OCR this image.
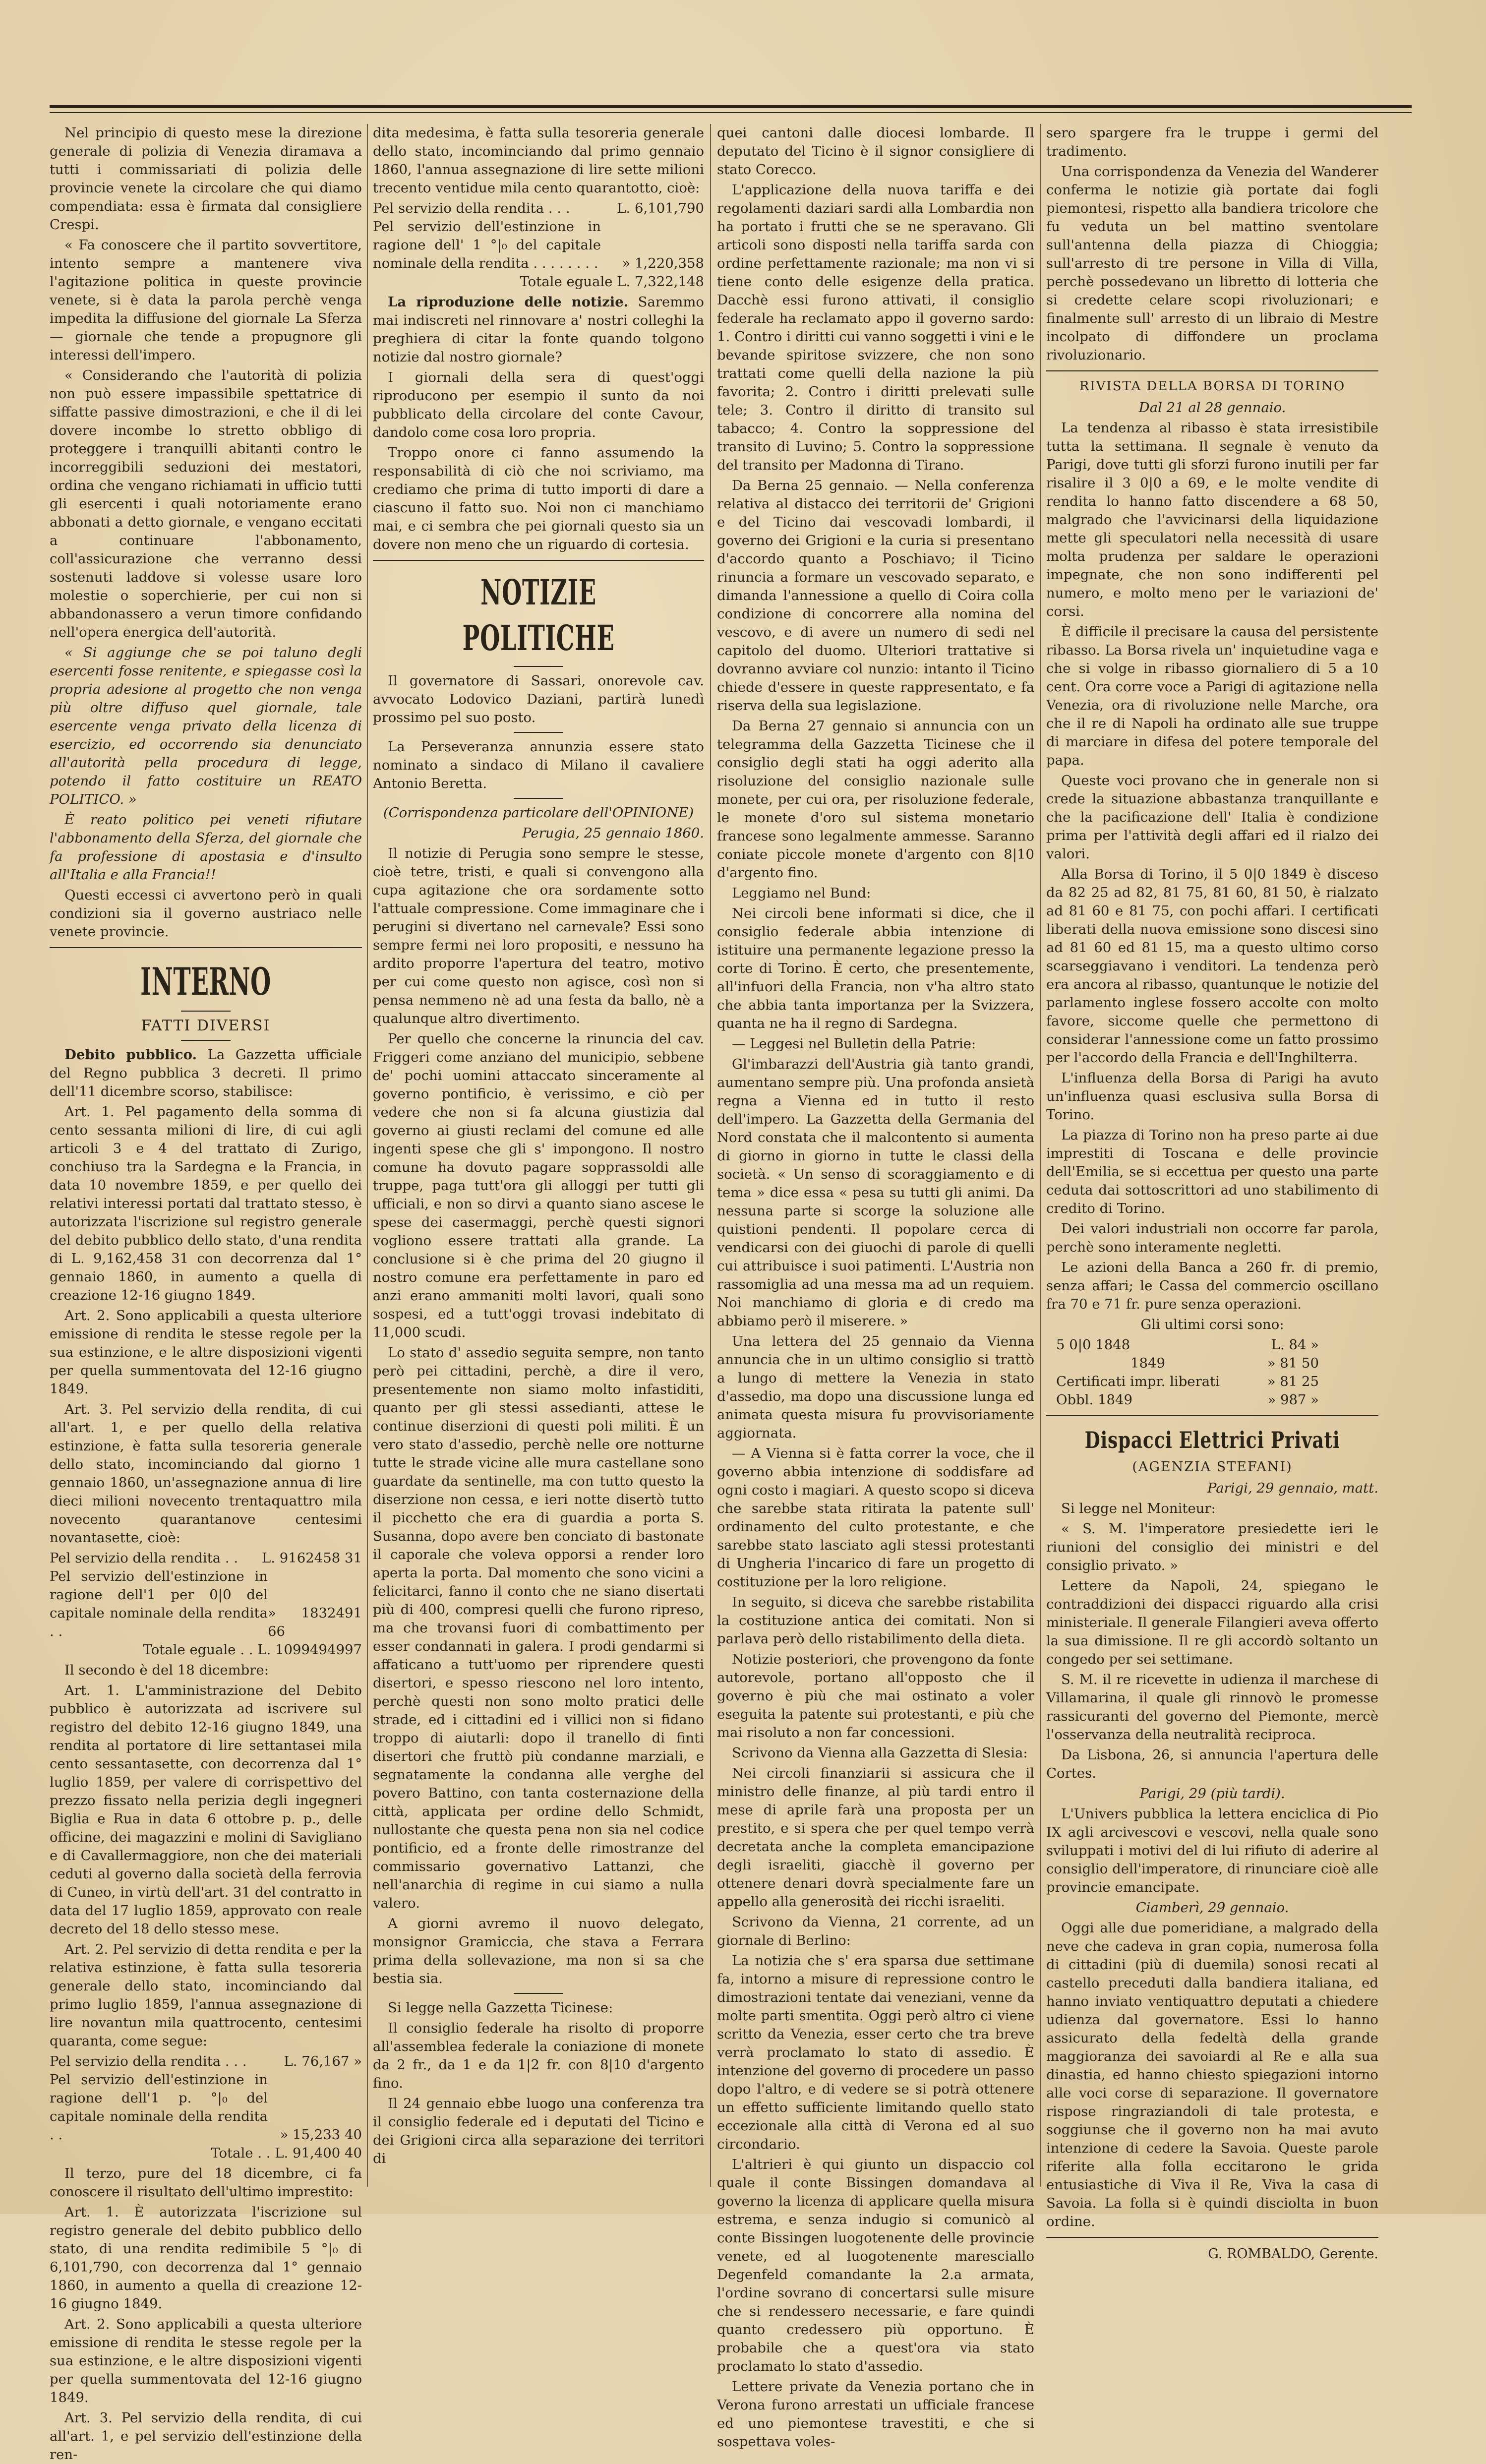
Nel principio di questo mese la direzione generale di polizia di Venezia diramava a tutti i commissariati di polizia delle provincie venete la circolare che qui diamo compendiata: essa è firmata dal consigliere Crespi.

« Fa conoscere che il partito sovvertitore, intento sempre a mantenere viva l'agitazione politica in queste provincie venete, si è data la parola perchè venga impedita la diffusione del giornale La Sferza — giornale che tende a propugnore gli interessi dell'impero.

« Considerando che l'autorità di polizia non può essere impassibile spettatrice di siffatte passive dimostrazioni, e che il di lei dovere incombe lo stretto obbligo di proteggere i tranquilli abitanti contro le incorreggibili seduzioni dei mestatori, ordina che vengano richiamati in ufficio tutti gli esercenti i quali notoriamente erano abbonati a detto giornale, e vengano eccitati a continuare l'abbonamento, coll'assicurazione che verranno dessi sostenuti laddove si volesse usare loro molestie o soperchierie, per cui non si abbandonassero a verun timore confidando nell'opera energica dell'autorità.

« Si aggiunge che se poi taluno degli esercenti fosse renitente, e spiegasse così la propria adesione al progetto che non venga più oltre diffuso quel giornale, tale esercente venga privato della licenza di esercizio, ed occorrendo sia denunciato all'autorità pella procedura di legge, potendo il fatto costituire un REATO POLITICO. »

È reato politico pei veneti rifiutare l'abbonamento della Sferza, del giornale che fa professione di apostasia e d'insulto all'Italia e alla Francia!!

Questi eccessi ci avvertono però in quali condizioni sia il governo austriaco nelle venete provincie.

INTERNO
FATTI DIVERSI

Debito pubblico. La Gazzetta ufficiale del Regno pubblica 3 decreti. Il primo dell'11 dicembre scorso, stabilisce:

Art. 1. Pel pagamento della somma di cento sessanta milioni di lire, di cui agli articoli 3 e 4 del trattato di Zurigo, conchiuso tra la Sardegna e la Francia, in data 10 novembre 1859, e per quello dei relativi interessi portati dal trattato stesso, è autorizzata l'iscrizione sul registro generale del debito pubblico dello stato, d'una rendita di L. 9,162,458 31 con decorrenza dal 1° gennaio 1860, in aumento a quella di creazione 12-16 giugno 1849.

Art. 2. Sono applicabili a questa ulteriore emissione di rendita le stesse regole per la sua estinzione, e le altre disposizioni vigenti per quella summentovata del 12-16 giugno 1849.

Art. 3. Pel servizio della rendita, di cui all'art. 1, e per quello della relativa estinzione, è fatta sulla tesoreria generale dello stato, incominciando dal giorno 1 gennaio 1860, un'assegnazione annua di lire dieci milioni novecento trentaquattro mila novecento quarantanove centesimi novantasette, cioè:

Pel servizio della rendita . . L. 9162458 31
Pel servizio dell'estinzione in ragione dell'1 per 0|0 del capitale nominale della rendita . .
» 1832491 66

Totale eguale . . L. 1099494997

Il secondo è del 18 dicembre:

Art. 1. L'amministrazione del Debito pubblico è autorizzata ad iscrivere sul registro del debito 12-16 giugno 1849, una rendita al portatore di lire settantasei mila cento sessantasette, con decorrenza dal 1° luglio 1859, per valere di corrispettivo del prezzo fissato nella perizia degli ingegneri Biglia e Rua in data 6 ottobre p. p., delle officine, dei magazzini e molini di Savigliano e di Cavallermaggiore, non che dei materiali ceduti al governo dalla società della ferrovia di Cuneo, in virtù dell'art. 31 del contratto in data del 17 luglio 1859, approvato con reale decreto del 18 dello stesso mese.

Art. 2. Pel servizio di detta rendita e per la relativa estinzione, è fatta sulla tesoreria generale dello stato, incominciando dal primo luglio 1859, l'annua assegnazione di lire novantun mila quattrocento, centesimi quaranta, come segue:

Pel servizio della rendita . . .	L. 76,167 »
Pel servizio dell'estinzione in ragione dell'1 p. °|₀ del capitale nominale della rendita . .	» 15,233 40

Totale . . L. 91,400 40

Il terzo, pure del 18 dicembre, ci fa conoscere il risultato dell'ultimo imprestito:

Art. 1. È autorizzata l'iscrizione sul registro generale del debito pubblico dello stato, di una rendita redimibile 5 °|₀ di 6,101,790, con decorrenza dal 1° gennaio 1860, in aumento a quella di creazione 12-16 giugno 1849.

Art. 2. Sono applicabili a questa ulteriore emissione di rendita le stesse regole per la sua estinzione, e le altre disposizioni vigenti per quella summentovata del 12-16 giugno 1849.

Art. 3. Pel servizio della rendita, di cui all'art. 1, e pel servizio dell'estinzione della ren-

dita medesima, è fatta sulla tesoreria generale dello stato, incominciando dal primo gennaio 1860, l'annua assegnazione di lire sette milioni trecento ventidue mila cento quarantotto, cioè:

Pel servizio della rendita . . .	L. 6,101,790
Pel servizio dell'estinzione in ragione dell' 1 °|₀ del capitale nominale della rendita . . . . . . . . » 1,220,358

Totale eguale L. 7,322,148

La riproduzione delle notizie. Saremmo mai indiscreti nel rinnovare a' nostri colleghi la preghiera di citar la fonte quando tolgono notizie dal nostro giornale?

I giornali della sera di quest'oggi riproducono per esempio il sunto da noi pubblicato della circolare del conte Cavour, dandolo come cosa loro propria.

Troppo onore ci fanno assumendo la responsabilità di ciò che noi scriviamo, ma crediamo che prima di tutto importi di dare a ciascuno il fatto suo. Noi non ci manchiamo mai, e ci sembra che pei giornali questo sia un dovere non meno che un riguardo di cortesia.

NOTIZIE POLITICHE

Il governatore di Sassari, onorevole cav. avvocato Lodovico Daziani, partirà lunedì prossimo pel suo posto.

La Perseveranza annunzia essere stato nominato a sindaco di Milano il cavaliere Antonio Beretta.

(Corrispondenza particolare dell'OPINIONE)

Perugia, 25 gennaio 1860.

Il notizie di Perugia sono sempre le stesse, cioè tetre, tristi, e quali si convengono alla cupa agitazione che ora sordamente sotto l'attuale compressione. Come immaginare che i perugini si divertano nel carnevale? Essi sono sempre fermi nei loro propositi, e nessuno ha ardito proporre l'apertura del teatro, motivo per cui come questo non agisce, così non si pensa nemmeno nè ad una festa da ballo, nè a qualunque altro divertimento.

Per quello che concerne la rinuncia del cav. Friggeri come anziano del municipio, sebbene de' pochi uomini attaccato sinceramente al governo pontificio, è verissimo, e ciò per vedere che non si fa alcuna giustizia dal governo ai giusti reclami del comune ed alle ingenti spese che gli s' impongono. Il nostro comune ha dovuto pagare sopprassoldi alle truppe, paga tutt'ora gli alloggi per tutti gli ufficiali, e non so dirvi a quanto siano ascese le spese dei casermaggi, perchè questi signori vogliono essere trattati alla grande. La conclusione si è che prima del 20 giugno il nostro comune era perfettamente in paro ed anzi erano ammaniti molti lavori, quali sono sospesi, ed a tutt'oggi trovasi indebitato di 11,000 scudi.

Lo stato d' assedio seguita sempre, non tanto però pei cittadini, perchè, a dire il vero, presentemente non siamo molto infastiditi, quanto per gli stessi assedianti, attese le continue diserzioni di questi poli militi. È un vero stato d'assedio, perchè nelle ore notturne tutte le strade vicine alle mura castellane sono guardate da sentinelle, ma con tutto questo la diserzione non cessa, e ieri notte disertò tutto il picchetto che era di guardia a porta S. Susanna, dopo avere ben conciato di bastonate il caporale che voleva opporsi a render loro aperta la porta. Dal momento che sono vicini a felicitarci, fanno il conto che ne siano disertati più di 400, compresi quelli che furono ripreso, ma che trovansi fuori di combattimento per esser condannati in galera. I prodi gendarmi si affaticano a tutt'uomo per riprendere questi disertori, e spesso riescono nel loro intento, perchè questi non sono molto pratici delle strade, ed i cittadini ed i villici non si fidano troppo di aiutarli: dopo il tranello di finti disertori che fruttò più condanne marziali, e segnatamente la condanna alle verghe del povero Battino, con tanta costernazione della città, applicata per ordine dello Schmidt, nullostante che questa pena non sia nel codice pontificio, ed a fronte delle rimostranze del commissario governativo Lattanzi, che nell'anarchia di regime in cui siamo a nulla valero.

A giorni avremo il nuovo delegato, monsignor Gramiccia, che stava a Ferrara prima della sollevazione, ma non si sa che bestia sia.

Si legge nella Gazzetta Ticinese:

Il consiglio federale ha risolto di proporre all'assemblea federale la coniazione di monete da 2 fr., da 1 e da 1|2 fr. con 8|10 d'argento fino.

Il 24 gennaio ebbe luogo una conferenza tra il consiglio federale ed i deputati del Ticino e dei Grigioni circa alla separazione dei territori di

quei cantoni dalle diocesi lombarde. Il deputato del Ticino è il signor consigliere di stato Corecco.

L'applicazione della nuova tariffa e dei regolamenti daziari sardi alla Lombardia non ha portato i frutti che se ne speravano. Gli articoli sono disposti nella tariffa sarda con ordine perfettamente razionale; ma non vi si tiene conto delle esigenze della pratica. Dacchè essi furono attivati, il consiglio federale ha reclamato appo il governo sardo: 1. Contro i diritti cui vanno soggetti i vini e le bevande spiritose svizzere, che non sono trattati come quelli della nazione la più favorita; 2. Contro i diritti prelevati sulle tele; 3. Contro il diritto di transito sul tabacco; 4. Contro la soppressione del transito di Luvino; 5. Contro la soppressione del transito per Madonna di Tirano.

Da Berna 25 gennaio. — Nella conferenza relativa al distacco dei territorii de' Grigioni e del Ticino dai vescovadi lombardi, il governo dei Grigioni e la curia si presentano d'accordo quanto a Poschiavo; il Ticino rinuncia a formare un vescovado separato, e dimanda l'annessione a quello di Coira colla condizione di concorrere alla nomina del vescovo, e di avere un numero di sedi nel capitolo del duomo. Ulteriori trattative si dovranno avviare col nunzio: intanto il Ticino chiede d'essere in queste rappresentato, e fa riserva della sua legislazione.

Da Berna 27 gennaio si annuncia con un telegramma della Gazzetta Ticinese che il consiglio degli stati ha oggi aderito alla risoluzione del consiglio nazionale sulle monete, per cui ora, per risoluzione federale, le monete d'oro sul sistema monetario francese sono legalmente ammesse. Saranno coniate piccole monete d'argento con 8|10 d'argento fino.

Leggiamo nel Bund:

Nei circoli bene informati si dice, che il consiglio federale abbia intenzione di istituire una permanente legazione presso la corte di Torino. È certo, che presentemente, all'infuori della Francia, non v'ha altro stato che abbia tanta importanza per la Svizzera, quanta ne ha il regno di Sardegna.

— Leggesi nel Bulletin della Patrie:

Gl'imbarazzi dell'Austria già tanto grandi, aumentano sempre più. Una profonda ansietà regna a Vienna ed in tutto il resto dell'impero. La Gazzetta della Germania del Nord constata che il malcontento si aumenta di giorno in giorno in tutte le classi della società. « Un senso di scoraggiamento e di tema » dice essa « pesa su tutti gli animi. Da nessuna parte si scorge la soluzione alle quistioni pendenti. Il popolare cerca di vendicarsi con dei giuochi di parole di quelli cui attribuisce i suoi patimenti. L'Austria non rassomiglia ad una messa ma ad un requiem. Noi manchiamo di gloria e di credo ma abbiamo però il miserere. »

Una lettera del 25 gennaio da Vienna annuncia che in un ultimo consiglio si trattò a lungo di mettere la Venezia in stato d'assedio, ma dopo una discussione lunga ed animata questa misura fu provvisoriamente aggiornata.

— A Vienna si è fatta correr la voce, che il governo abbia intenzione di soddisfare ad ogni costo i magiari. A questo scopo si diceva che sarebbe stata ritirata la patente sull' ordinamento del culto protestante, e che sarebbe stato lasciato agli stessi protestanti di Ungheria l'incarico di fare un progetto di costituzione per la loro religione.

In seguito, si diceva che sarebbe ristabilita la costituzione antica dei comitati. Non si parlava però dello ristabilimento della dieta.

Notizie posteriori, che provengono da fonte autorevole, portano all'opposto che il governo è più che mai ostinato a voler eseguita la patente sui protestanti, e più che mai risoluto a non far concessioni.

Scrivono da Vienna alla Gazzetta di Slesia:

Nei circoli finanziarii si assicura che il ministro delle finanze, al più tardi entro il mese di aprile farà una proposta per un prestito, e si spera che per quel tempo verrà decretata anche la completa emancipazione degli israeliti, giacchè il governo per ottenere denari dovrà specialmente fare un appello alla generosità dei ricchi israeliti.

Scrivono da Vienna, 21 corrente, ad un giornale di Berlino:

La notizia che s' era sparsa due settimane fa, intorno a misure di repressione contro le dimostrazioni tentate dai veneziani, venne da molte parti smentita. Oggi però altro ci viene scritto da Venezia, esser certo che tra breve verrà proclamato lo stato di assedio. È intenzione del governo di procedere un passo dopo l'altro, e di vedere se si potrà ottenere un effetto sufficiente limitando quello stato eccezionale alla città di Verona ed al suo circondario.

L'altrieri è qui giunto un dispaccio col quale il conte Bissingen domandava al governo la licenza di applicare quella misura estrema, e senza indugio si comunicò al conte Bissingen luogotenente delle provincie venete, ed al luogotenente maresciallo Degenfeld comandante la 2.a armata, l'ordine sovrano di concertarsi sulle misure che si rendessero necessarie, e fare quindi quanto credessero più opportuno. È probabile che a quest'ora via stato proclamato lo stato d'assedio.

Lettere private da Venezia portano che in Verona furono arrestati un ufficiale francese ed uno piemontese travestiti, e che si sospettava voles-

sero spargere fra le truppe i germi del tradimento.

Una corrispondenza da Venezia del Wanderer conferma le notizie già portate dai fogli piemontesi, rispetto alla bandiera tricolore che fu veduta un bel mattino sventolare sull'antenna della piazza di Chioggia; sull'arresto di tre persone in Villa di Villa, perchè possedevano un libretto di lotteria che si credette celare scopi rivoluzionari; e finalmente sull' arresto di un libraio di Mestre incolpato di diffondere un proclama rivoluzionario.

RIVISTA DELLA BORSA DI TORINO

Dal 21 al 28 gennaio.

La tendenza al ribasso è stata irresistibile tutta la settimana. Il segnale è venuto da Parigi, dove tutti gli sforzi furono inutili per far risalire il 3 0|0 a 69, e le molte vendite di rendita lo hanno fatto discendere a 68 50, malgrado che l'avvicinarsi della liquidazione mette gli speculatori nella necessità di usare molta prudenza per saldare le operazioni impegnate, che non sono indifferenti pel numero, e molto meno per le variazioni de' corsi.

È difficile il precisare la causa del persistente ribasso. La Borsa rivela un' inquietudine vaga e che si volge in ribasso giornaliero di 5 a 10 cent. Ora corre voce a Parigi di agitazione nella Venezia, ora di rivoluzione nelle Marche, ora che il re di Napoli ha ordinato alle sue truppe di marciare in difesa del potere temporale del papa.

Queste voci provano che in generale non si crede la situazione abbastanza tranquillante e che la pacificazione dell' Italia è condizione prima per l'attività degli affari ed il rialzo dei valori.

Alla Borsa di Torino, il 5 0|0 1849 è disceso da 82 25 ad 82, 81 75, 81 60, 81 50, è rialzato ad 81 60 e 81 75, con pochi affari. I certificati liberati della nuova emissione sono discesi sino ad 81 60 ed 81 15, ma a questo ultimo corso scarseggiavano i venditori. La tendenza però era ancora al ribasso, quantunque le notizie del parlamento inglese fossero accolte con molto favore, siccome quelle che permettono di considerar l'annessione come un fatto prossimo per l'accordo della Francia e dell'Inghilterra.

L'influenza della Borsa di Parigi ha avuto un'influenza quasi esclusiva sulla Borsa di Torino.

La piazza di Torino non ha preso parte ai due imprestiti di Toscana e delle provincie dell'Emilia, se si eccettua per questo una parte ceduta dai sottoscrittori ad uno stabilimento di credito di Torino.

Dei valori industriali non occorre far parola, perchè sono interamente negletti.

Le azioni della Banca a 260 fr. di premio, senza affari; le Cassa del commercio oscillano fra 70 e 71 fr. pure senza operazioni.

Gli ultimi corsi sono:

5 0|0 1848	L. 84 »
1849	» 81 50
Certificati impr. liberati	» 81 25
Obbl. 1849	» 987 »
Dispacci Elettrici Privati
(AGENZIA STEFANI)

Parigi, 29 gennaio, matt.

Si legge nel Moniteur:

« S. M. l'imperatore presiedette ieri le riunioni del consiglio dei ministri e del consiglio privato. »

Lettere da Napoli, 24, spiegano le contraddizioni dei dispacci riguardo alla crisi ministeriale. Il generale Filangieri aveva offerto la sua dimissione. Il re gli accordò soltanto un congedo per sei settimane.

S. M. il re ricevette in udienza il marchese di Villamarina, il quale gli rinnovò le promesse rassicuranti del governo del Piemonte, mercè l'osservanza della neutralità reciproca.

Da Lisbona, 26, si annuncia l'apertura delle Cortes.

Parigi, 29 (più tardi).

L'Univers pubblica la lettera enciclica di Pio IX agli arcivescovi e vescovi, nella quale sono sviluppati i motivi del di lui rifiuto di aderire al consiglio dell'imperatore, di rinunciare cioè alle provincie emancipate.

Ciamberì, 29 gennaio.

Oggi alle due pomeridiane, a malgrado della neve che cadeva in gran copia, numerosa folla di cittadini (più di duemila) sonosi recati al castello preceduti dalla bandiera italiana, ed hanno inviato ventiquattro deputati a chiedere udienza dal governatore. Essi lo hanno assicurato della fedeltà della grande maggioranza dei savoiardi al Re e alla sua dinastia, ed hanno chiesto spiegazioni intorno alle voci corse di separazione. Il governatore rispose ringraziandoli di tale protesta, e soggiunse che il governo non ha mai avuto intenzione di cedere la Savoia. Queste parole riferite alla folla eccitarono le grida entusiastiche di Viva il Re, Viva la casa di Savoia. La folla si è quindi disciolta in buon ordine.

G. ROMBALDO, Gerente.
